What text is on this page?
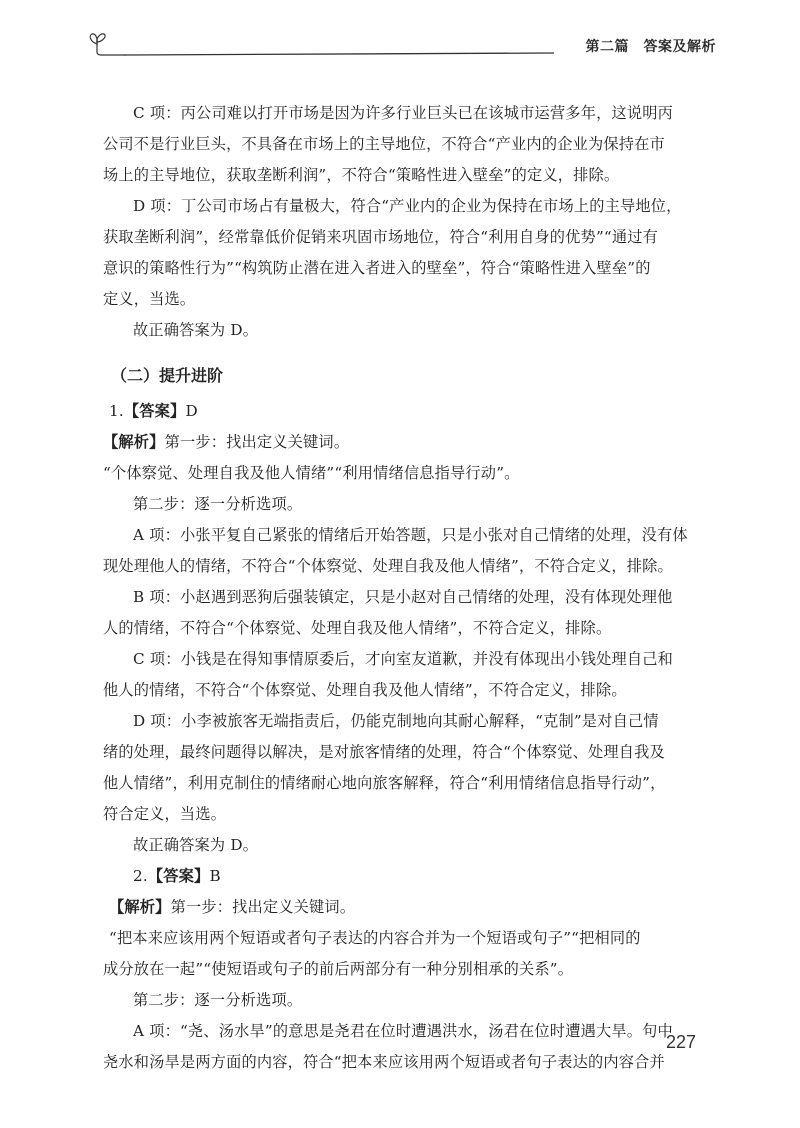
第二篇　答案及解析
C 项：丙公司难以打开市场是因为许多行业巨头已在该城市运营多年，这说明丙
公司不是行业巨头，不具备在市场上的主导地位，不符合“产业内的企业为保持在市
场上的主导地位，获取垄断利润”，不符合“策略性进入壁垒”的定义，排除。
D 项：丁公司市场占有量极大，符合“产业内的企业为保持在市场上的主导地位，
获取垄断利润”，经常靠低价促销来巩固市场地位，符合“利用自身的优势”“通过有
意识的策略性行为”“构筑防止潜在进入者进入的壁垒”，符合“策略性进入壁垒”的
定义，当选。
故正确答案为 D。
（二）提升进阶
1.【答案】D
【解析】第一步：找出定义关键词。
“个体察觉、处理自我及他人情绪”“利用情绪信息指导行动”。
第二步：逐一分析选项。
A 项：小张平复自己紧张的情绪后开始答题，只是小张对自己情绪的处理，没有体
现处理他人的情绪，不符合“个体察觉、处理自我及他人情绪”，不符合定义，排除。
B 项：小赵遇到恶狗后强装镇定，只是小赵对自己情绪的处理，没有体现处理他
人的情绪，不符合“个体察觉、处理自我及他人情绪”，不符合定义，排除。
C 项：小钱是在得知事情原委后，才向室友道歉，并没有体现出小钱处理自己和
他人的情绪，不符合“个体察觉、处理自我及他人情绪”，不符合定义，排除。
D 项：小李被旅客无端指责后，仍能克制地向其耐心解释，“克制”是对自己情
绪的处理，最终问题得以解决，是对旅客情绪的处理，符合“个体察觉、处理自我及
他人情绪”，利用克制住的情绪耐心地向旅客解释，符合“利用情绪信息指导行动”，
符合定义，当选。
故正确答案为 D。
2.【答案】B
【解析】第一步：找出定义关键词。
“把本来应该用两个短语或者句子表达的内容合并为一个短语或句子”“把相同的
成分放在一起”“使短语或句子的前后两部分有一种分别相承的关系”。
第二步：逐一分析选项。
A 项：“尧、汤水旱”的意思是尧君在位时遭遇洪水，汤君在位时遭遇大旱。句中
尧水和汤旱是两方面的内容，符合“把本来应该用两个短语或者句子表达的内容合并
227
